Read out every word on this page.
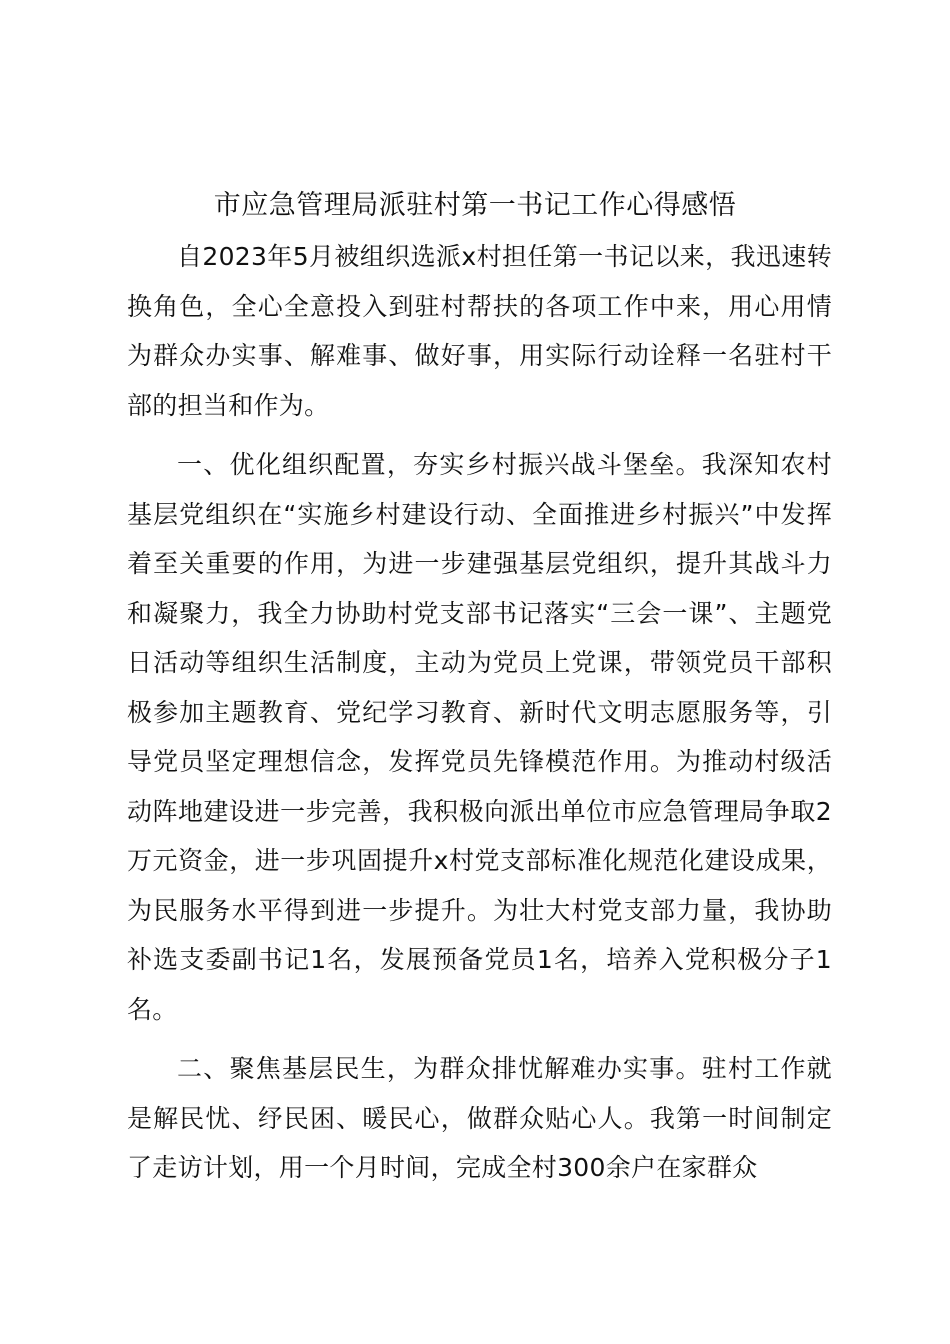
市应急管理局派驻村第一书记工作心得感悟

自2023年5月被组织选派x村担任第一书记以来，我迅速转换角色，全心全意投入到驻村帮扶的各项工作中来，用心用情为群众办实事、解难事、做好事，用实际行动诠释一名驻村干部的担当和作为。

一、优化组织配置，夯实乡村振兴战斗堡垒。我深知农村基层党组织在“实施乡村建设行动、全面推进乡村振兴”中发挥着至关重要的作用，为进一步建强基层党组织，提升其战斗力和凝聚力，我全力协助村党支部书记落实“三会一课”、主题党日活动等组织生活制度，主动为党员上党课，带领党员干部积极参加主题教育、党纪学习教育、新时代文明志愿服务等，引导党员坚定理想信念，发挥党员先锋模范作用。为推动村级活动阵地建设进一步完善，我积极向派出单位市应急管理局争取2万元资金，进一步巩固提升x村党支部标准化规范化建设成果，为民服务水平得到进一步提升。为壮大村党支部力量，我协助补选支委副书记1名，发展预备党员1名，培养入党积极分子1名。

二、聚焦基层民生，为群众排忧解难办实事。驻村工作就是解民忧、纾民困、暖民心，做群众贴心人。我第一时间制定了走访计划，用一个月时间，完成全村300余户在家群众
